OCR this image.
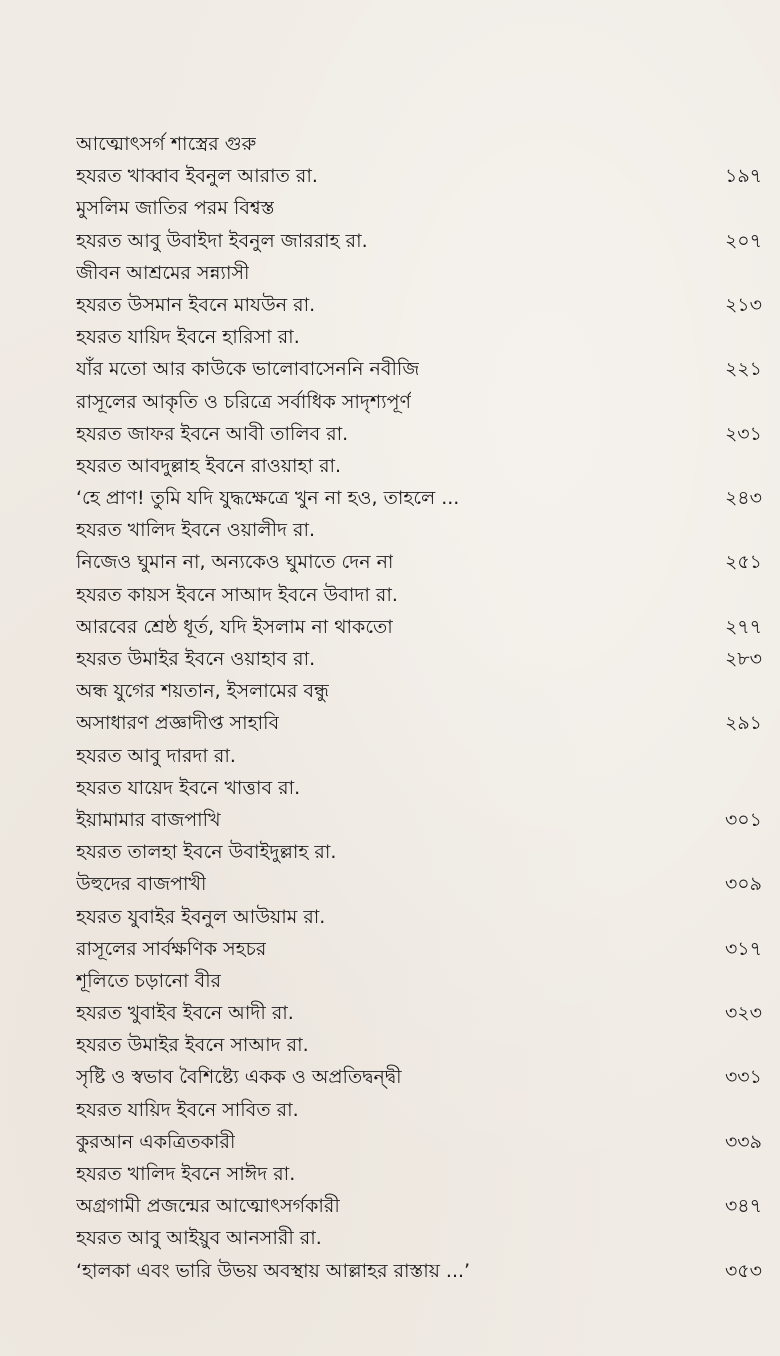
আত্মোৎসর্গ শাস্ত্রের গুরু
হযরত খাব্বাব ইবনুল আরাত রা.	১৯৭
মুসলিম জাতির পরম বিশ্বস্ত
হযরত আবু উবাইদা ইবনুল জাররাহ রা.	২০৭
জীবন আশ্রমের সন্ন্যাসী
হযরত উসমান ইবনে মাযউন রা.	২১৩
হযরত যায়িদ ইবনে হারিসা রা.
যাঁর মতো আর কাউকে ভালোবাসেননি নবীজি	২২১
রাসূলের আকৃতি ও চরিত্রে সর্বাধিক সাদৃশ্যপূর্ণ
হযরত জাফর ইবনে আবী তালিব রা.	২৩১
হযরত আবদুল্লাহ ইবনে রাওয়াহা রা.
‘হে প্রাণ! তুমি যদি যুদ্ধক্ষেত্রে খুন না হও, তাহলে ...	২৪৩
হযরত খালিদ ইবনে ওয়ালীদ রা.
নিজেও ঘুমান না, অন্যকেও ঘুমাতে দেন না	২৫১
হযরত কায়স ইবনে সাআদ ইবনে উবাদা রা.
আরবের শ্রেষ্ঠ ধূর্ত, যদি ইসলাম না থাকতো	২৭৭
হযরত উমাইর ইবনে ওয়াহাব রা.	২৮৩
অন্ধ যুগের শয়তান, ইসলামের বন্ধু
অসাধারণ প্রজ্ঞাদীপ্ত সাহাবি	২৯১
হযরত আবু দারদা রা.
হযরত যায়েদ ইবনে খাত্তাব রা.
ইয়ামামার বাজপাখি	৩০১
হযরত তালহা ইবনে উবাইদুল্লাহ রা.
উহুদের বাজপাখী	৩০৯
হযরত যুবাইর ইবনুল আউয়াম রা.
রাসূলের সার্বক্ষণিক সহচর	৩১৭
শূলিতে চড়ানো বীর
হযরত খুবাইব ইবনে আদী রা.	৩২৩
হযরত উমাইর ইবনে সাআদ রা.
সৃষ্টি ও স্বভাব বৈশিষ্ট্যে একক ও অপ্রতিদ্বন্দ্বী	৩৩১
হযরত যায়িদ ইবনে সাবিত রা.
কুরআন একত্রিতকারী	৩৩৯
হযরত খালিদ ইবনে সাঈদ রা.
অগ্রগামী প্রজন্মের আত্মোৎসর্গকারী	৩৪৭
হযরত আবু আইয়ুব আনসারী রা.
‘হালকা এবং ভারি উভয় অবস্থায় আল্লাহর রাস্তায় ...’	৩৫৩
